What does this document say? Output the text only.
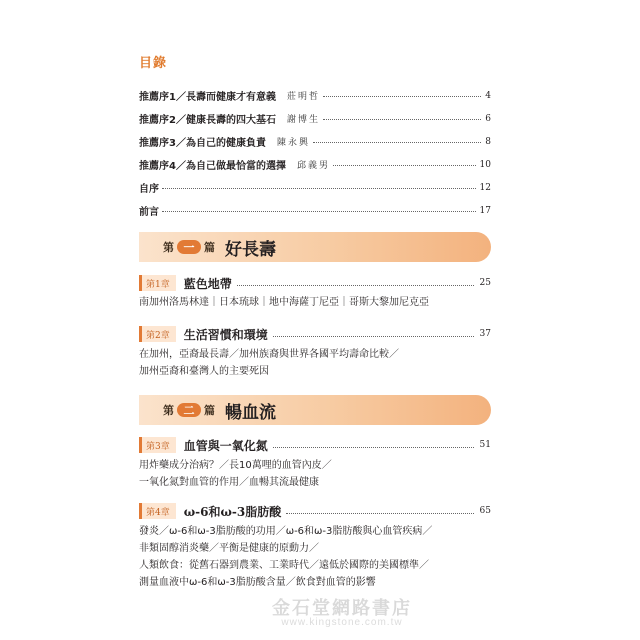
目錄
推薦序1／長壽而健康才有意義	莊明哲	4
推薦序2／健康長壽的四大基石	謝博生	6
推薦序3／為自己的健康負責	陳永興	8
推薦序4／為自己做最恰當的選擇	邱義男	10
自序	12
前言	17
第 一 篇 好長壽
第1章	藍色地帶	25
南加州洛馬林達｜日本琉球｜地中海薩丁尼亞｜哥斯大黎加尼克亞
第2章	生活習慣和環境	37
在加州，亞裔最長壽／加州族裔與世界各國平均壽命比較／
加州亞裔和臺灣人的主要死因
第 二 篇 暢血流
第3章	血管與一氧化氮	51
用炸藥成分治病？／長10萬哩的血管內皮／
一氧化氮對血管的作用／血暢其流最健康
第4章	ω-6和ω-3脂肪酸	65
發炎／ω-6和ω-3脂肪酸的功用／ω-6和ω-3脂肪酸與心血管疾病／
非類固醇消炎藥／平衡是健康的原動力／
人類飲食：從舊石器到農業、工業時代／遠低於國際的美國標準／
測量血液中ω-6和ω-3脂肪酸含量／飲食對血管的影響
金石堂網路書店
www.kingstone.com.tw
